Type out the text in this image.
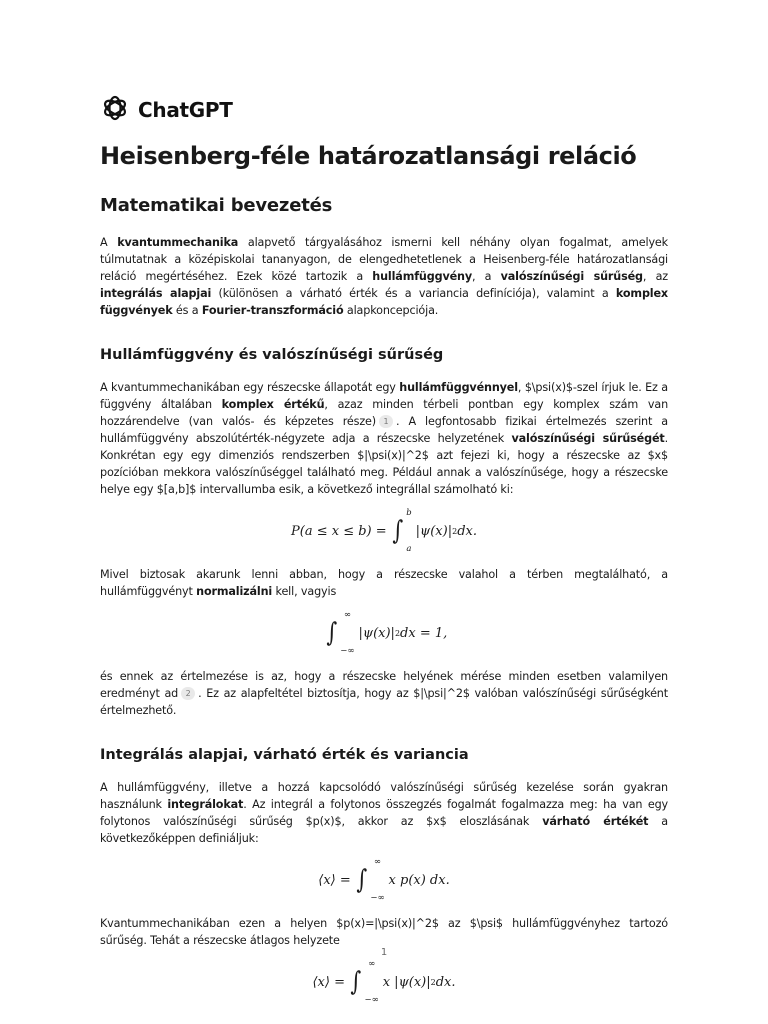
ChatGPT
Heisenberg-féle határozatlansági reláció
Matematikai bevezetés

A kvantummechanika alapvető tárgyalásához ismerni kell néhány olyan fogalmat, amelyek túlmutatnak a középiskolai tananyagon, de elengedhetetlenek a Heisenberg-féle határozatlansági reláció megértéséhez. Ezek közé tartozik a hullámfüggvény, a valószínűségi sűrűség, az integrálás alapjai (különösen a várható érték és a variancia definíciója), valamint a komplex függvények és a Fourier-transzformáció alapkoncepciója.

Hullámfüggvény és valószínűségi sűrűség

A kvantummechanikában egy részecske állapotát egy hullámfüggvénnyel, $\psi(x)$-szel írjuk le. Ez a függvény általában komplex értékű, azaz minden térbeli pontban egy komplex szám van hozzárendelve (van valós- és képzetes része) 1 . A legfontosabb fizikai értelmezés szerint a hullámfüggvény abszolútérték-négyzete adja a részecske helyzetének valószínűségi sűrűségét. Konkrétan egy egy dimenziós rendszerben $|\psi(x)|^2$ azt fejezi ki, hogy a részecske az $x$ pozícióban mekkora valószínűséggel található meg. Például annak a valószínűsége, hogy a részecske helye egy $[a,b]$ intervallumba esik, a következő integrállal számolható ki:

P(a ≤ x ≤ b) = ∫
b
a
|ψ(x)| 2 dx.

Mivel biztosak akarunk lenni abban, hogy a részecske valahol a térben megtalálható, a hullámfüggvényt normalizálni kell, vagyis

∫
∞
−∞
|ψ(x)| 2 dx = 1,

és ennek az értelmezése is az, hogy a részecske helyének mérése minden esetben valamilyen eredményt ad 2 . Ez az alapfeltétel biztosítja, hogy az $|\psi|^2$ valóban valószínűségi sűrűségként értelmezhető.

Integrálás alapjai, várható érték és variancia

A hullámfüggvény, illetve a hozzá kapcsolódó valószínűségi sűrűség kezelése során gyakran használunk integrálokat. Az integrál a folytonos összegzés fogalmát fogalmazza meg: ha van egy folytonos valószínűségi sűrűség $p(x)$, akkor az $x$ eloszlásának várható értékét a következőképpen definiáljuk:

⟨x⟩ = ∫
∞
−∞
x p(x) dx.

Kvantummechanikában ezen a helyen $p(x)=|\psi(x)|^2$ az $\psi$ hullámfüggvényhez tartozó sűrűség. Tehát a részecske átlagos helyzete

⟨x⟩ = ∫
∞
−∞
x |ψ(x)| 2 dx.
1
